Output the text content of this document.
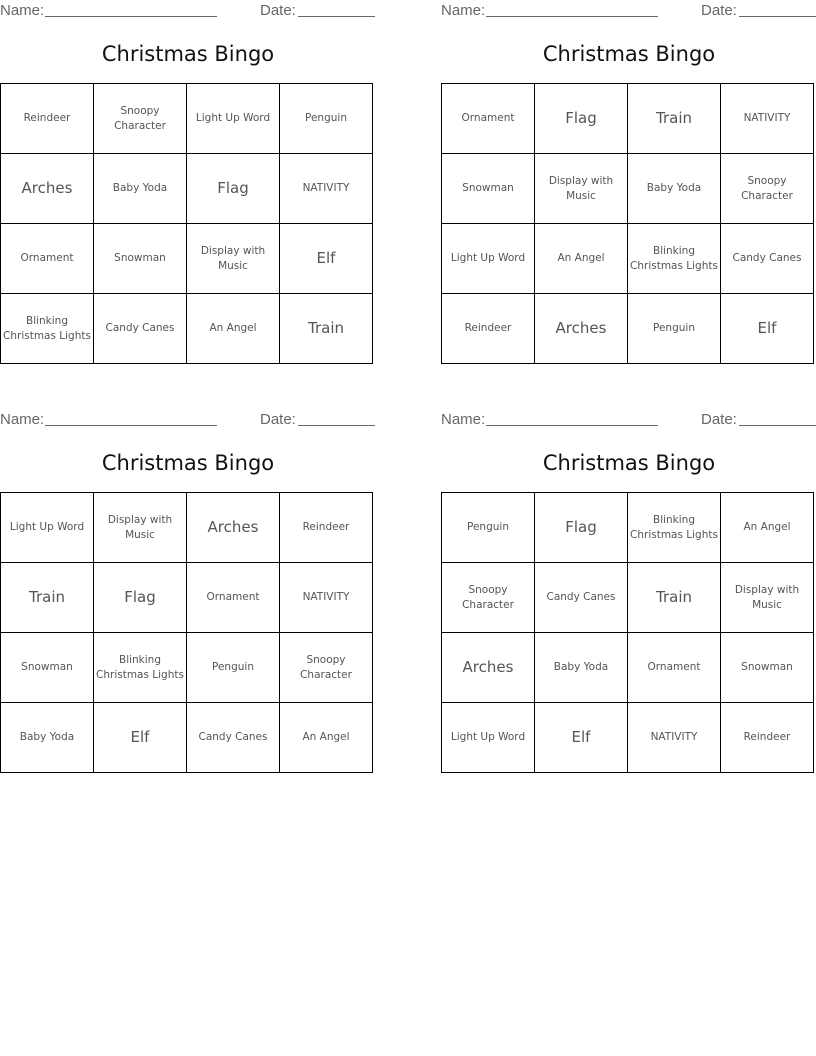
Name:	Date:
Christmas Bingo
Reindeer	Snoopy Character	Light Up Word	Penguin
Arches	Baby Yoda	Flag	NATIVITY
Ornament	Snowman	Display with Music	Elf
Blinking Christmas Lights	Candy Canes	An Angel	Train
Name:	Date:
Christmas Bingo
Ornament	Flag	Train	NATIVITY
Snowman	Display with Music	Baby Yoda	Snoopy Character
Light Up Word	An Angel	Blinking Christmas Lights	Candy Canes
Reindeer	Arches	Penguin	Elf
Name:	Date:
Christmas Bingo
Light Up Word	Display with Music	Arches	Reindeer
Train	Flag	Ornament	NATIVITY
Snowman	Blinking Christmas Lights	Penguin	Snoopy Character
Baby Yoda	Elf	Candy Canes	An Angel
Name:	Date:
Christmas Bingo
Penguin	Flag	Blinking Christmas Lights	An Angel
Snoopy Character	Candy Canes	Train	Display with Music
Arches	Baby Yoda	Ornament	Snowman
Light Up Word	Elf	NATIVITY	Reindeer
